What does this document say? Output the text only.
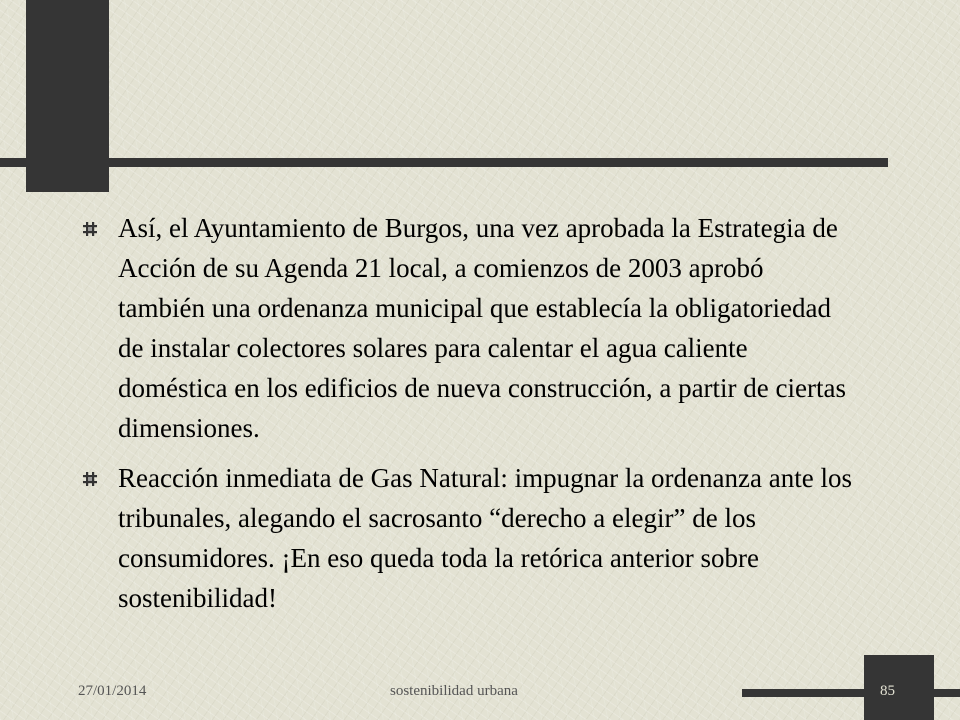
Así, el Ayuntamiento de Burgos, una vez aprobada la Estrategia de Acción de su Agenda 21 local, a comienzos de 2003 aprobó también una ordenanza municipal que establecía la obligatoriedad de instalar colectores solares para calentar el agua caliente doméstica en los edificios de nueva construcción, a partir de ciertas dimensiones.
Reacción inmediata de Gas Natural: impugnar la ordenanza ante los tribunales, alegando el sacrosanto “derecho a elegir” de los consumidores. ¡En eso queda toda la retórica anterior sobre sostenibilidad!
27/01/2014	sostenibilidad urbana	85
